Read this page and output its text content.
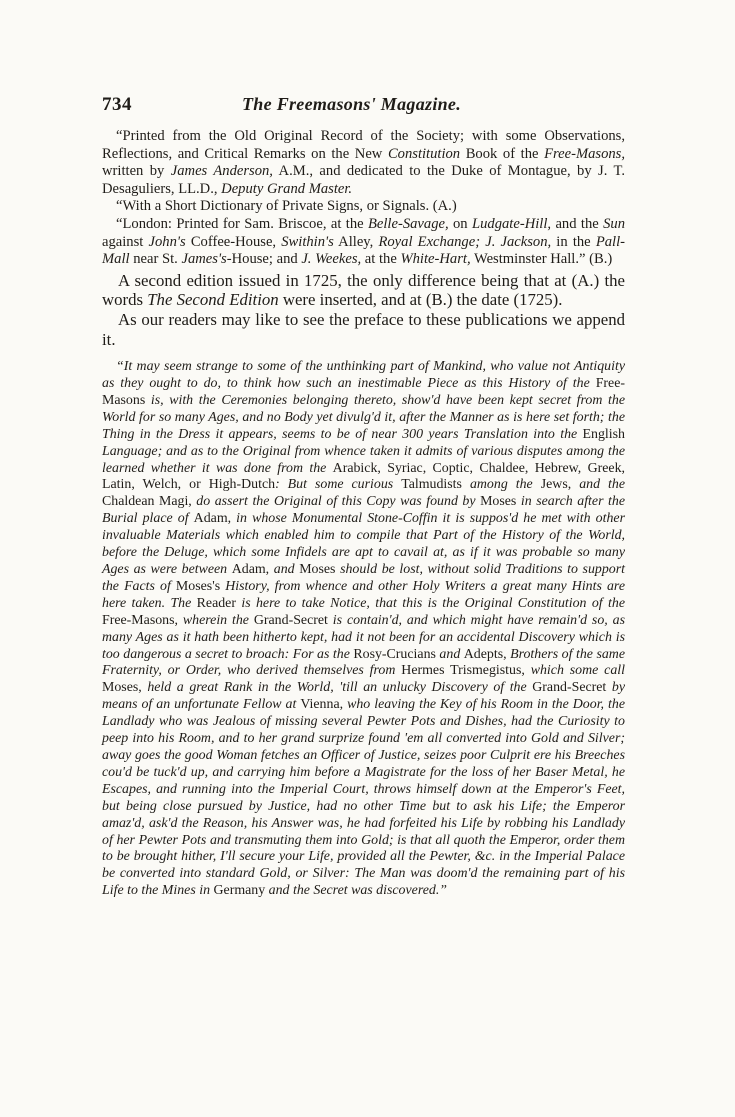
734	The Freemasons' Magazine.

“Printed from the Old Original Record of the Society; with some Observations, Reflections, and Critical Remarks on the New Constitution Book of the Free-Masons, written by James Anderson, A.M., and dedicated to the Duke of Montague, by J. T. Desaguliers, LL.D., Deputy Grand Master.

“With a Short Dictionary of Private Signs, or Signals. (A.)

“London: Printed for Sam. Briscoe, at the Belle-Savage, on Ludgate-Hill, and the Sun against John's Coffee-House, Swithin's Alley, Royal Exchange; J. Jackson, in the Pall-Mall near St. James's-House; and J. Weekes, at the White-Hart, Westminster Hall.” (B.)

A second edition issued in 1725, the only difference being that at (A.) the words The Second Edition were inserted, and at (B.) the date (1725).

As our readers may like to see the preface to these publications we append it.

“It may seem strange to some of the unthinking part of Mankind, who value not Antiquity as they ought to do, to think how such an inestimable Piece as this History of the Free-Masons is, with the Ceremonies belonging thereto, show'd have been kept secret from the World for so many Ages, and no Body yet divulg'd it, after the Manner as is here set forth; the Thing in the Dress it appears, seems to be of near 300 years Translation into the English Language; and as to the Original from whence taken it admits of various disputes among the learned whether it was done from the Arabick, Syriac, Coptic, Chaldee, Hebrew, Greek, Latin, Welch, or High-Dutch: But some curious Talmudists among the Jews, and the Chaldean Magi, do assert the Original of this Copy was found by Moses in search after the Burial place of Adam, in whose Monumental Stone-Coffin it is suppos'd he met with other invaluable Materials which enabled him to compile that Part of the History of the World, before the Deluge, which some Infidels are apt to cavail at, as if it was probable so many Ages as were between Adam, and Moses should be lost, without solid Traditions to support the Facts of Moses's History, from whence and other Holy Writers a great many Hints are here taken. The Reader is here to take Notice, that this is the Original Constitution of the Free-Masons, wherein the Grand-Secret is contain'd, and which might have remain'd so, as many Ages as it hath been hitherto kept, had it not been for an accidental Discovery which is too dangerous a secret to broach: For as the Rosy-Crucians and Adepts, Brothers of the same Fraternity, or Order, who derived themselves from Hermes Trismegistus, which some call Moses, held a great Rank in the World, 'till an unlucky Discovery of the Grand-Secret by means of an unfortunate Fellow at Vienna, who leaving the Key of his Room in the Door, the Landlady who was Jealous of missing several Pewter Pots and Dishes, had the Curiosity to peep into his Room, and to her grand surprize found 'em all converted into Gold and Silver; away goes the good Woman fetches an Officer of Justice, seizes poor Culprit ere his Breeches cou'd be tuck'd up, and carrying him before a Magistrate for the loss of her Baser Metal, he Escapes, and running into the Imperial Court, throws himself down at the Emperor's Feet, but being close pursued by Justice, had no other Time but to ask his Life; the Emperor amaz'd, ask'd the Reason, his Answer was, he had forfeited his Life by robbing his Landlady of her Pewter Pots and transmuting them into Gold; is that all quoth the Emperor, order them to be brought hither, I'll secure your Life, provided all the Pewter, &c. in the Imperial Palace be converted into standard Gold, or Silver: The Man was doom'd the remaining part of his Life to the Mines in Germany and the Secret was discovered.”
